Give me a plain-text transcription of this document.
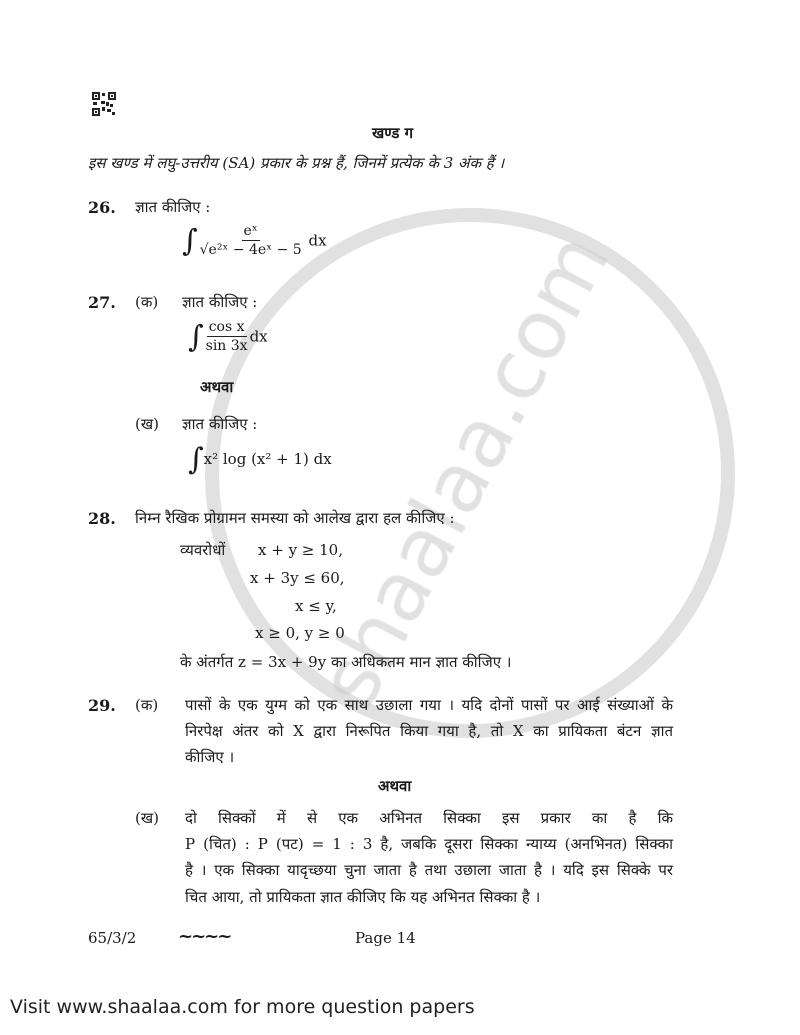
खण्ड ग
इस खण्ड में लघु-उत्तरीय (SA) प्रकार के प्रश्न हैं, जिनमें प्रत्येक के 3 अंक हैं ।
26. ज्ञात कीजिए :
∫ $\frac{\text{eˣ}}{\text{√e²ˣ − 4eˣ − 5}}$ dx
27. (क) ज्ञात कीजिए :
∫ $\frac{\text{cos x}}{\sin 3x}$ dx
अथवा
(ख) ज्ञात कीजिए :
∫x² log (x² + 1) dx
28. निम्न रैखिक प्रोग्रामन समस्या को आलेख द्वारा हल कीजिए :
व्यवरोधों x + y ≥ 10,
x + 3y ≤ 60,
x ≤ y,
x ≥ 0, y ≥ 0
के अंतर्गत z = 3x + 9y का अधिकतम मान ज्ञात कीजिए ।
29. (क) पासों के एक युग्म को एक साथ उछाला गया । यदि दोनों पासों पर आई संख्याओं के
निरपेक्ष अंतर को X द्वारा निरूपित किया गया है, तो X का प्रायिकता बंटन ज्ञात
कीजिए ।
अथवा
(ख) दो सिक्कों में से एक अभिनत सिक्का इस प्रकार का है कि
P (चित) : P (पट) = 1 : 3 है, जबकि दूसरा सिक्का न्याय्य (अनभिनत) सिक्का
है । एक सिक्का यादृच्छया चुना जाता है तथा उछाला जाता है । यदि इस सिक्के पर
चित आया, तो प्रायिकता ज्ञात कीजिए कि यह अभिनत सिक्का है ।
65/3/2 ~~~~	Page 14
Visit www.shaalaa.com for more question papers
